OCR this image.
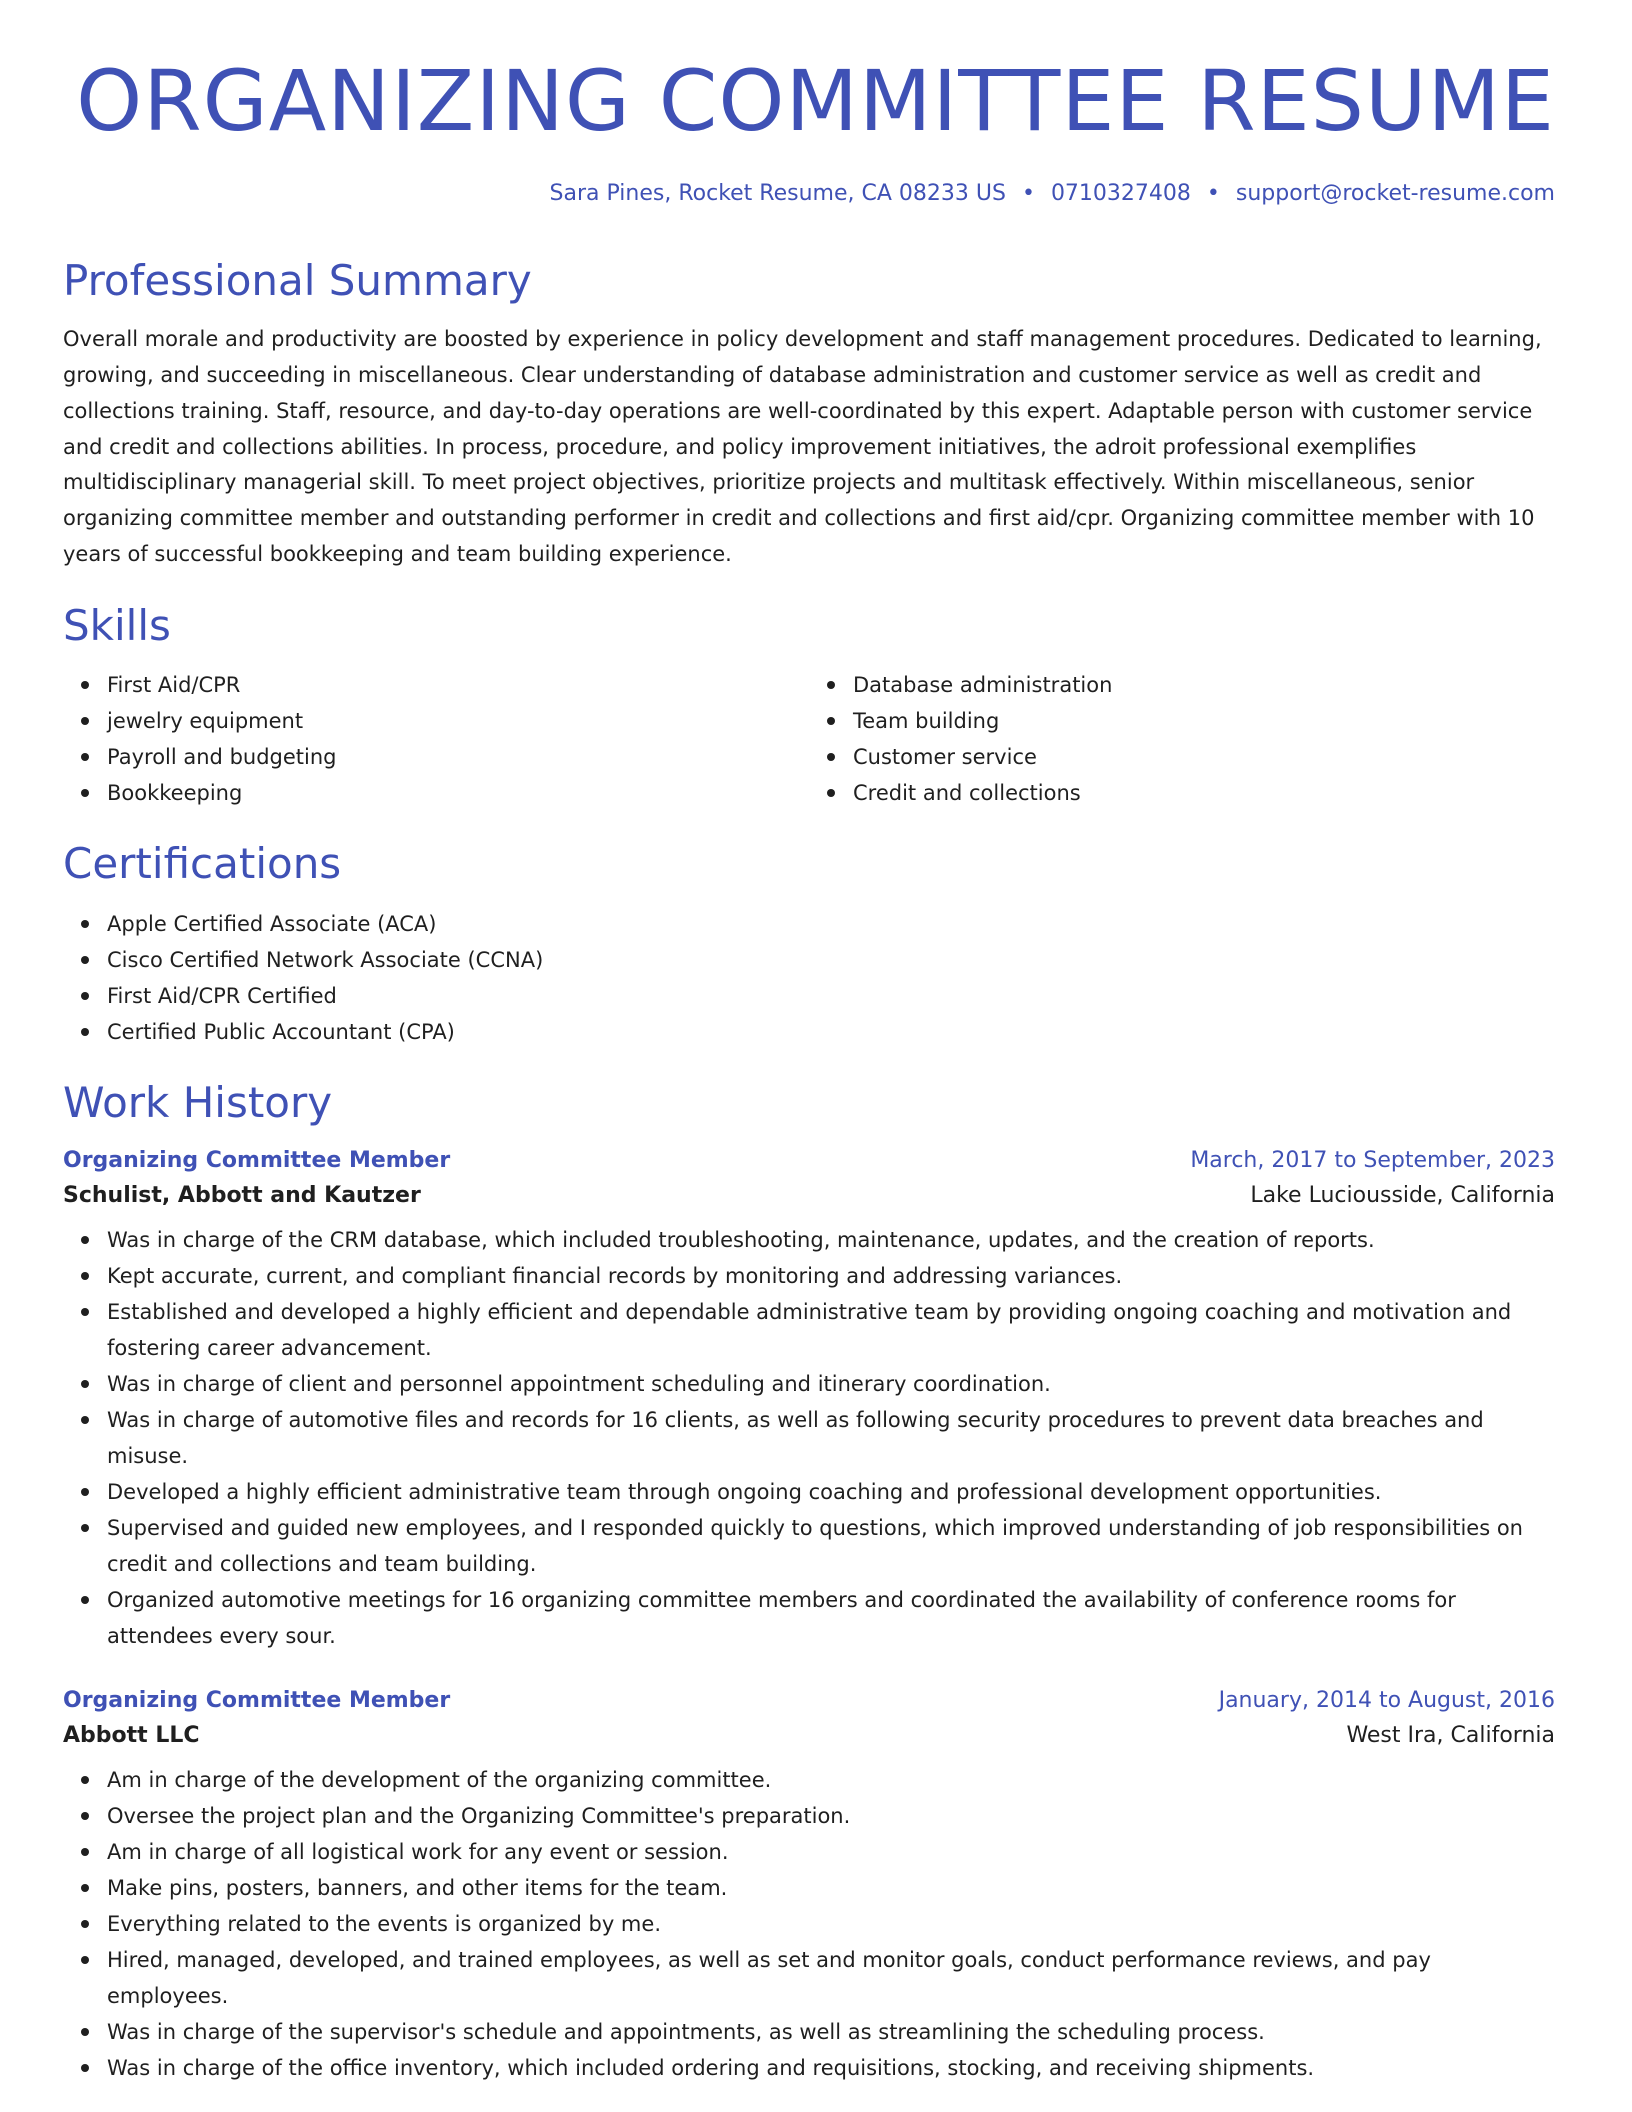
ORGANIZING COMMITTEE RESUME
Sara Pines, Rocket Resume, CA 08233 US • 0710327408 • support@rocket-resume.com
Professional Summary
Overall morale and productivity are boosted by experience in policy development and staff management procedures. Dedicated to learning, growing, and succeeding in miscellaneous. Clear understanding of database administration and customer service as well as credit and collections training. Staff, resource, and day-to-day operations are well-coordinated by this expert. Adaptable person with customer service and credit and collections abilities. In process, procedure, and policy improvement initiatives, the adroit professional exemplifies multidisciplinary managerial skill. To meet project objectives, prioritize projects and multitask effectively. Within miscellaneous, senior organizing committee member and outstanding performer in credit and collections and first aid/cpr. Organizing committee member with 10 years of successful bookkeeping and team building experience.
Skills
First Aid/CPR
jewelry equipment
Payroll and budgeting
Bookkeeping
Database administration
Team building
Customer service
Credit and collections
Certifications
Apple Certified Associate (ACA)
Cisco Certified Network Associate (CCNA)
First Aid/CPR Certified
Certified Public Accountant (CPA)
Work History
Organizing Committee Member	March, 2017 to September, 2023
Schulist, Abbott and Kautzer	Lake Luciousside, California
Was in charge of the CRM database, which included troubleshooting, maintenance, updates, and the creation of reports.
Kept accurate, current, and compliant financial records by monitoring and addressing variances.
Established and developed a highly efficient and dependable administrative team by providing ongoing coaching and motivation and fostering career advancement.
Was in charge of client and personnel appointment scheduling and itinerary coordination.
Was in charge of automotive files and records for 16 clients, as well as following security procedures to prevent data breaches and misuse.
Developed a highly efficient administrative team through ongoing coaching and professional development opportunities.
Supervised and guided new employees, and I responded quickly to questions, which improved understanding of job responsibilities on credit and collections and team building.
Organized automotive meetings for 16 organizing committee members and coordinated the availability of conference rooms for attendees every sour.
Organizing Committee Member	January, 2014 to August, 2016
Abbott LLC	West Ira, California
Am in charge of the development of the organizing committee.
Oversee the project plan and the Organizing Committee's preparation.
Am in charge of all logistical work for any event or session.
Make pins, posters, banners, and other items for the team.
Everything related to the events is organized by me.
Hired, managed, developed, and trained employees, as well as set and monitor goals, conduct performance reviews, and pay employees.
Was in charge of the supervisor's schedule and appointments, as well as streamlining the scheduling process.
Was in charge of the office inventory, which included ordering and requisitions, stocking, and receiving shipments.
